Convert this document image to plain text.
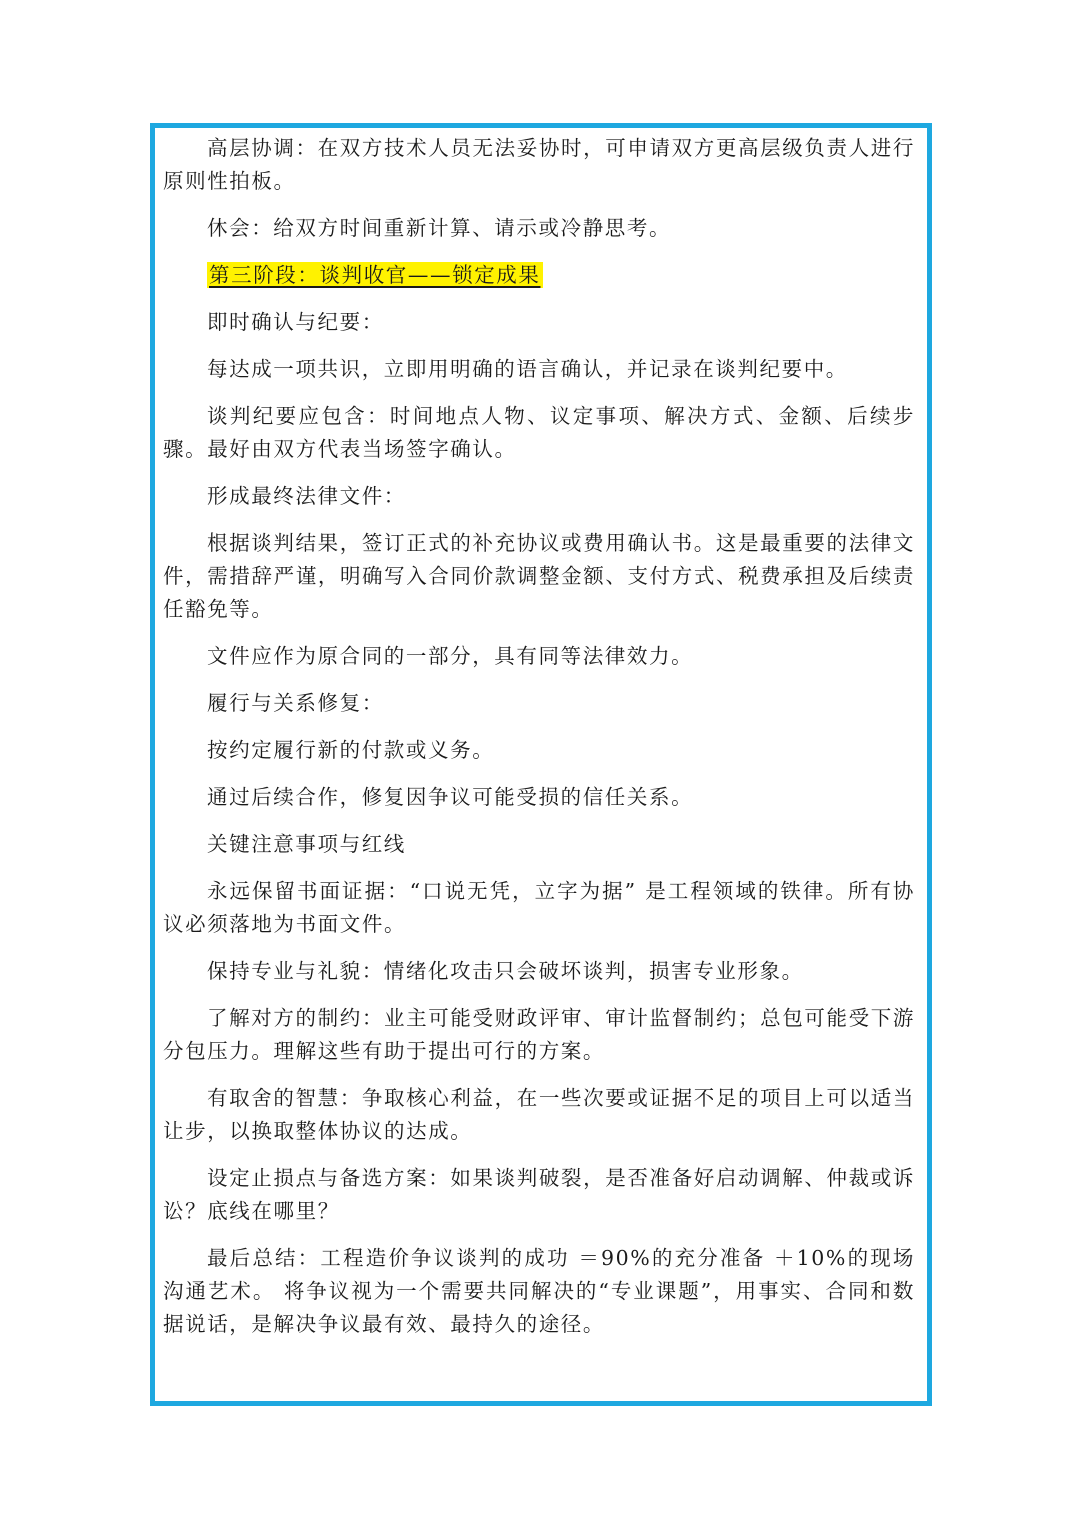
高层协调：在双方技术人员无法妥协时，可申请双方更高层级负责人进行原则性拍板。

休会：给双方时间重新计算、请示或冷静思考。

第三阶段：谈判收官——锁定成果

即时确认与纪要：

每达成一项共识，立即用明确的语言确认，并记录在谈判纪要中。

谈判纪要应包含：时间地点人物、议定事项、解决方式、金额、后续步骤。最好由双方代表当场签字确认。

形成最终法律文件：

根据谈判结果，签订正式的补充协议或费用确认书。这是最重要的法律文件，需措辞严谨，明确写入合同价款调整金额、支付方式、税费承担及后续责任豁免等。

文件应作为原合同的一部分，具有同等法律效力。

履行与关系修复：

按约定履行新的付款或义务。

通过后续合作，修复因争议可能受损的信任关系。

关键注意事项与红线

永远保留书面证据：“口说无凭，立字为据” 是工程领域的铁律。所有协议必须落地为书面文件。

保持专业与礼貌：情绪化攻击只会破坏谈判，损害专业形象。

了解对方的制约：业主可能受财政评审、审计监督制约；总包可能受下游分包压力。理解这些有助于提出可行的方案。

有取舍的智慧：争取核心利益，在一些次要或证据不足的项目上可以适当让步，以换取整体协议的达成。

设定止损点与备选方案：如果谈判破裂，是否准备好启动调解、仲裁或诉讼？底线在哪里？

最后总结：工程造价争议谈判的成功 ＝90%的充分准备 ＋10%的现场沟通艺术。 将争议视为一个需要共同解决的“专业课题”，用事实、合同和数据说话，是解决争议最有效、最持久的途径。
